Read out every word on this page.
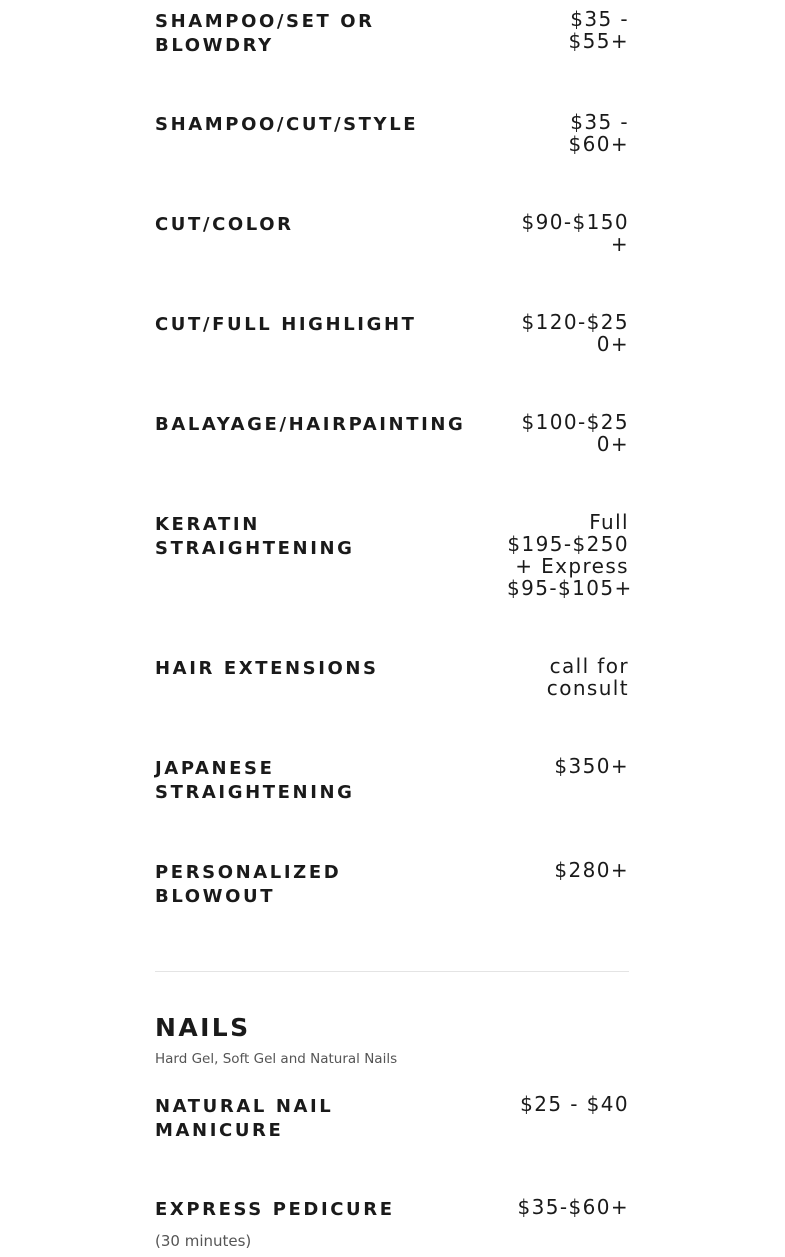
SHAMPOO/SET OR BLOWDRY
$35 - $55+
SHAMPOO/CUT/STYLE	$35 - $60+
CUT/COLOR	$90-$150 +
CUT/FULL HIGHLIGHT	$120-$250+
BALAYAGE/HAIRPAINTING	$100-$250+
KERATIN STRAIGHTENING
Full $195-$250 + Express $95-$105+
HAIR EXTENSIONS	call for consult
JAPANESE STRAIGHTENING
$350+
PERSONALIZED BLOWOUT
$280+
NAILS
Hard Gel, Soft Gel and Natural Nails
NATURAL NAIL MANICURE
$25 - $40
EXPRESS PEDICURE	$35-$60+
(30 minutes)
